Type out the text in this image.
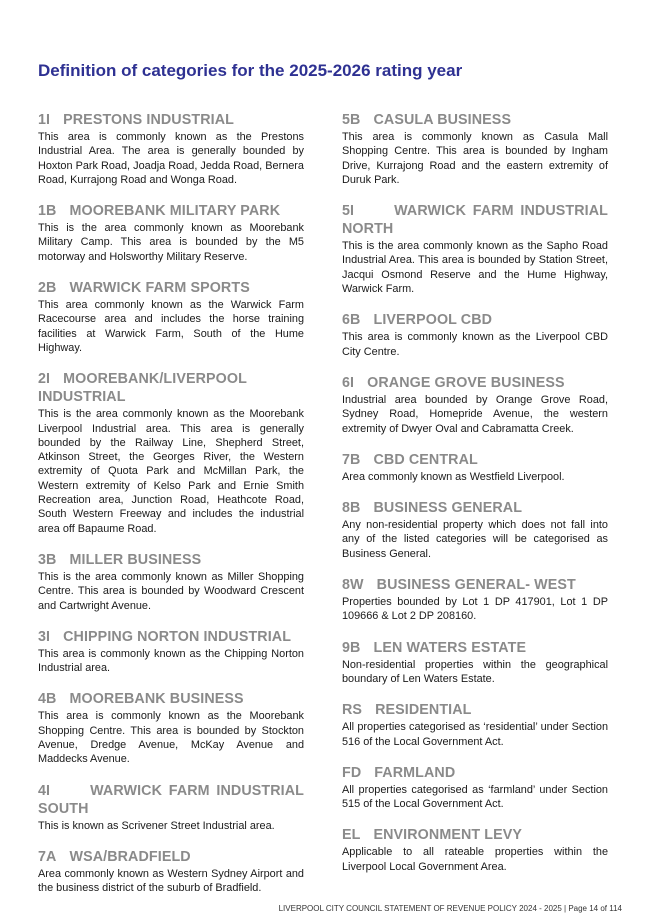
Definition of categories for the 2025-2026 rating year
1I PRESTONS INDUSTRIAL
This area is commonly known as the Prestons Industrial Area. The area is generally bounded by Hoxton Park Road, Joadja Road, Jedda Road, Bernera Road, Kurrajong Road and Wonga Road.
1B MOOREBANK MILITARY PARK
This is the area commonly known as Moorebank Military Camp. This area is bounded by the M5 motorway and Holsworthy Military Reserve.
2B WARWICK FARM SPORTS
This area commonly known as the Warwick Farm Racecourse area and includes the horse training facilities at Warwick Farm, South of the Hume Highway.
2I MOOREBANK/LIVERPOOL INDUSTRIAL
This is the area commonly known as the Moorebank Liverpool Industrial area. This area is generally bounded by the Railway Line, Shepherd Street, Atkinson Street, the Georges River, the Western extremity of Quota Park and McMillan Park, the Western extremity of Kelso Park and Ernie Smith Recreation area, Junction Road, Heathcote Road, South Western Freeway and includes the industrial area off Bapaume Road.
3B MILLER BUSINESS
This is the area commonly known as Miller Shopping Centre. This area is bounded by Woodward Crescent and Cartwright Avenue.
3I CHIPPING NORTON INDUSTRIAL
This area is commonly known as the Chipping Norton Industrial area.
4B MOOREBANK BUSINESS
This area is commonly known as the Moorebank Shopping Centre. This area is bounded by Stockton Avenue, Dredge Avenue, McKay Avenue and Maddecks Avenue.
4I	WARWICK FARM INDUSTRIAL SOUTH
This is known as Scrivener Street Industrial area.
7A WSA/BRADFIELD
Area commonly known as Western Sydney Airport and the business district of the suburb of Bradfield.
5B CASULA BUSINESS
This area is commonly known as Casula Mall Shopping Centre. This area is bounded by Ingham Drive, Kurrajong Road and the eastern extremity of Duruk Park.
5I	WARWICK FARM INDUSTRIAL NORTH
This is the area commonly known as the Sapho Road Industrial Area. This area is bounded by Station Street, Jacqui Osmond Reserve and the Hume Highway, Warwick Farm.
6B LIVERPOOL CBD
This area is commonly known as the Liverpool CBD City Centre.
6I ORANGE GROVE BUSINESS
Industrial area bounded by Orange Grove Road, Sydney Road, Homepride Avenue, the western extremity of Dwyer Oval and Cabramatta Creek.
7B CBD CENTRAL
Area commonly known as Westfield Liverpool.
8B BUSINESS GENERAL
Any non-residential property which does not fall into any of the listed categories will be categorised as Business General.
8W BUSINESS GENERAL- WEST
Properties bounded by Lot 1 DP 417901, Lot 1 DP 109666 & Lot 2 DP 208160.
9B LEN WATERS ESTATE
Non-residential properties within the geographical boundary of Len Waters Estate.
RS RESIDENTIAL
All properties categorised as ‘residential’ under Section 516 of the Local Government Act.
FD FARMLAND
All properties categorised as ‘farmland’ under Section 515 of the Local Government Act.
EL ENVIRONMENT LEVY
Applicable to all rateable properties within the Liverpool Local Government Area.
LIVERPOOL CITY COUNCIL STATEMENT OF REVENUE POLICY 2024 - 2025 | Page 14 of 114
